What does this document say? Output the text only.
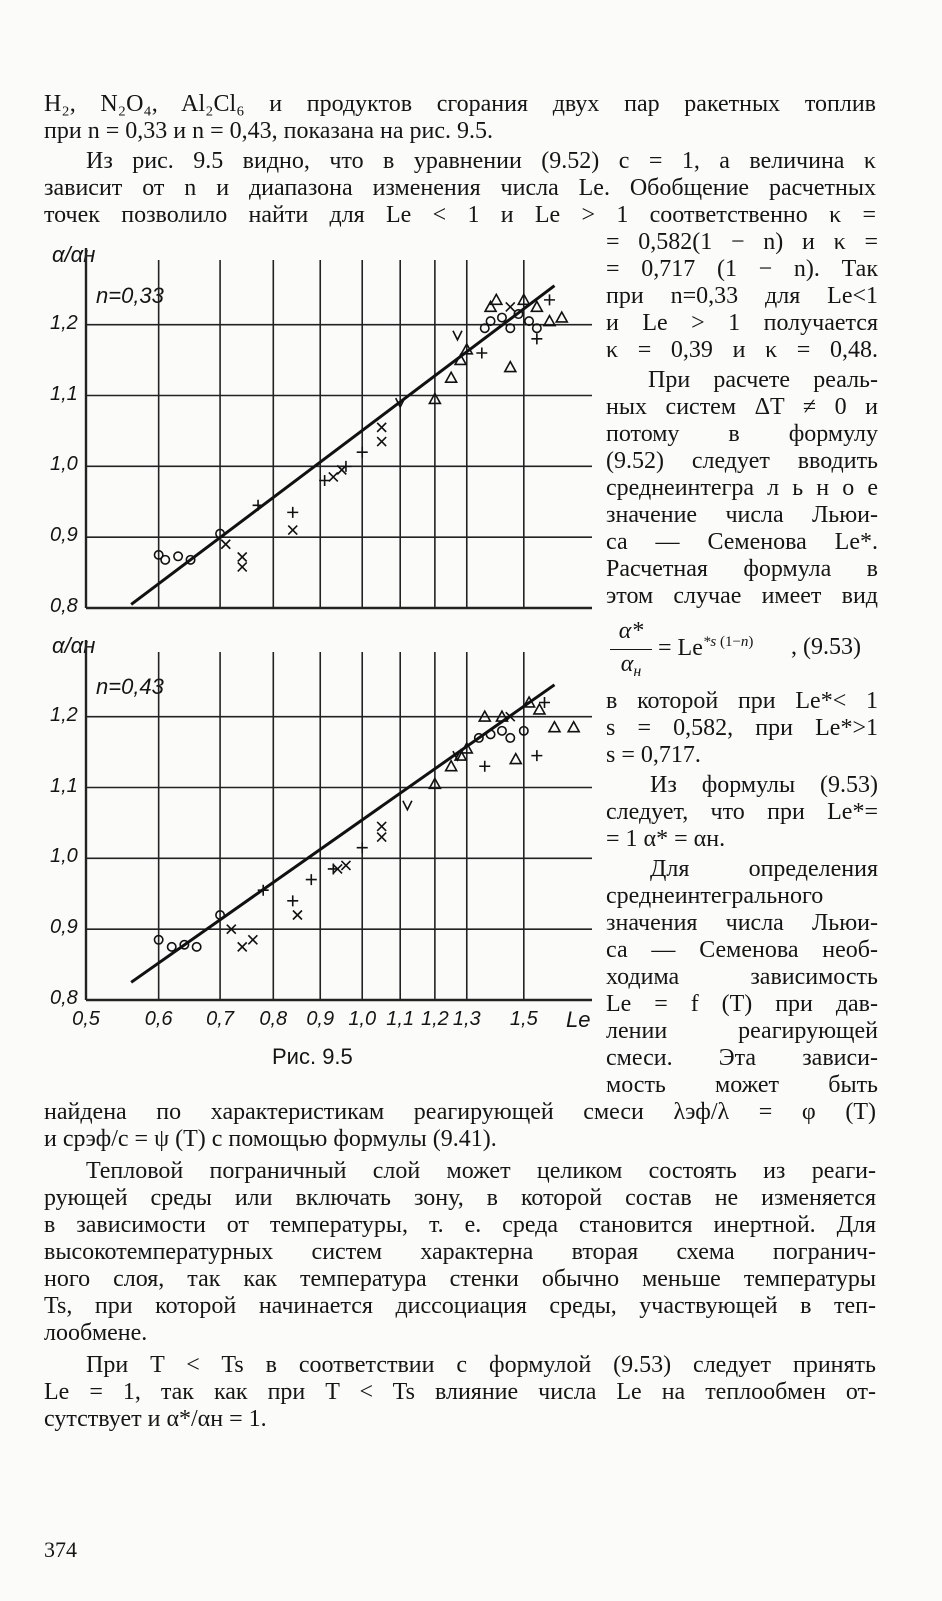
H₂, N₂O₄, Al₂Cl₆ и продуктов сгорания двух пар ракетных топлив
при n = 0,33 и n = 0,43, показана на рис. 9.5.
Из рис. 9.5 видно, что в уравнении (9.52) c = 1, а величина κ
зависит от n и диапазона изменения числа Le. Обобщение расчетных
точек позволило найти для Le < 1 и Le > 1 соответственно κ =
= 0,582(1 − n) и κ =
= 0,717 (1 − n). Так
при n=0,33 для Le<1
и Le > 1 получается
κ = 0,39 и κ = 0,48.
При расчете реаль-
ных систем ΔT ≠ 0 и
потому в формулу
(9.52) следует вводить
среднеинтегра л ь н о е
значение числа Льюи-
са — Семенова Le*.
Расчетная формула в
этом случае имеет вид
α*
$\alpha_н$
= $Le^{*s (1-n)}$ , (9.53)
в которой при Le*< 1
s = 0,582, при Le*>1
s = 0,717.
Из формулы (9.53)
следует, что при Le*=
= 1 α* = αн.
Для определения
среднеинтегрального
значения числа Льюи-
са — Семенова необ-
ходима зависимость
Le = f (T) при дав-
лении реагирующей
смеси. Эта зависи-
мость может быть
найдена по характеристикам реагирующей смеси λэф/λ = φ (T)
и cpэф/c = ψ (T) с помощью формулы (9.41).
Тепловой пограничный слой может целиком состоять из реаги-
рующей среды или включать зону, в которой состав не изменяется
в зависимости от температуры, т. е. среда становится инертной. Для
высокотемпературных систем характерна вторая схема погранич-
ного слоя, так как температура стенки обычно меньше температуры
Ts, при которой начинается диссоциация среды, участвующей в теп-
лообмене.
При T < Ts в соответствии с формулой (9.53) следует принять
Le = 1, так как при T < Ts влияние числа Le на теплообмен от-
сутствует и α*/αн = 1.
374
α/αн
α/αн
n=0,33
n=0,43
Le
Рис. 9.5
0,8
0,9
1,0
1,1
1,2
0,8
0,9
1,0
1,1
1,2
0,5	0,6	0,7	0,8 0,9 1,0 1,1 1,2 1,3	1,5
